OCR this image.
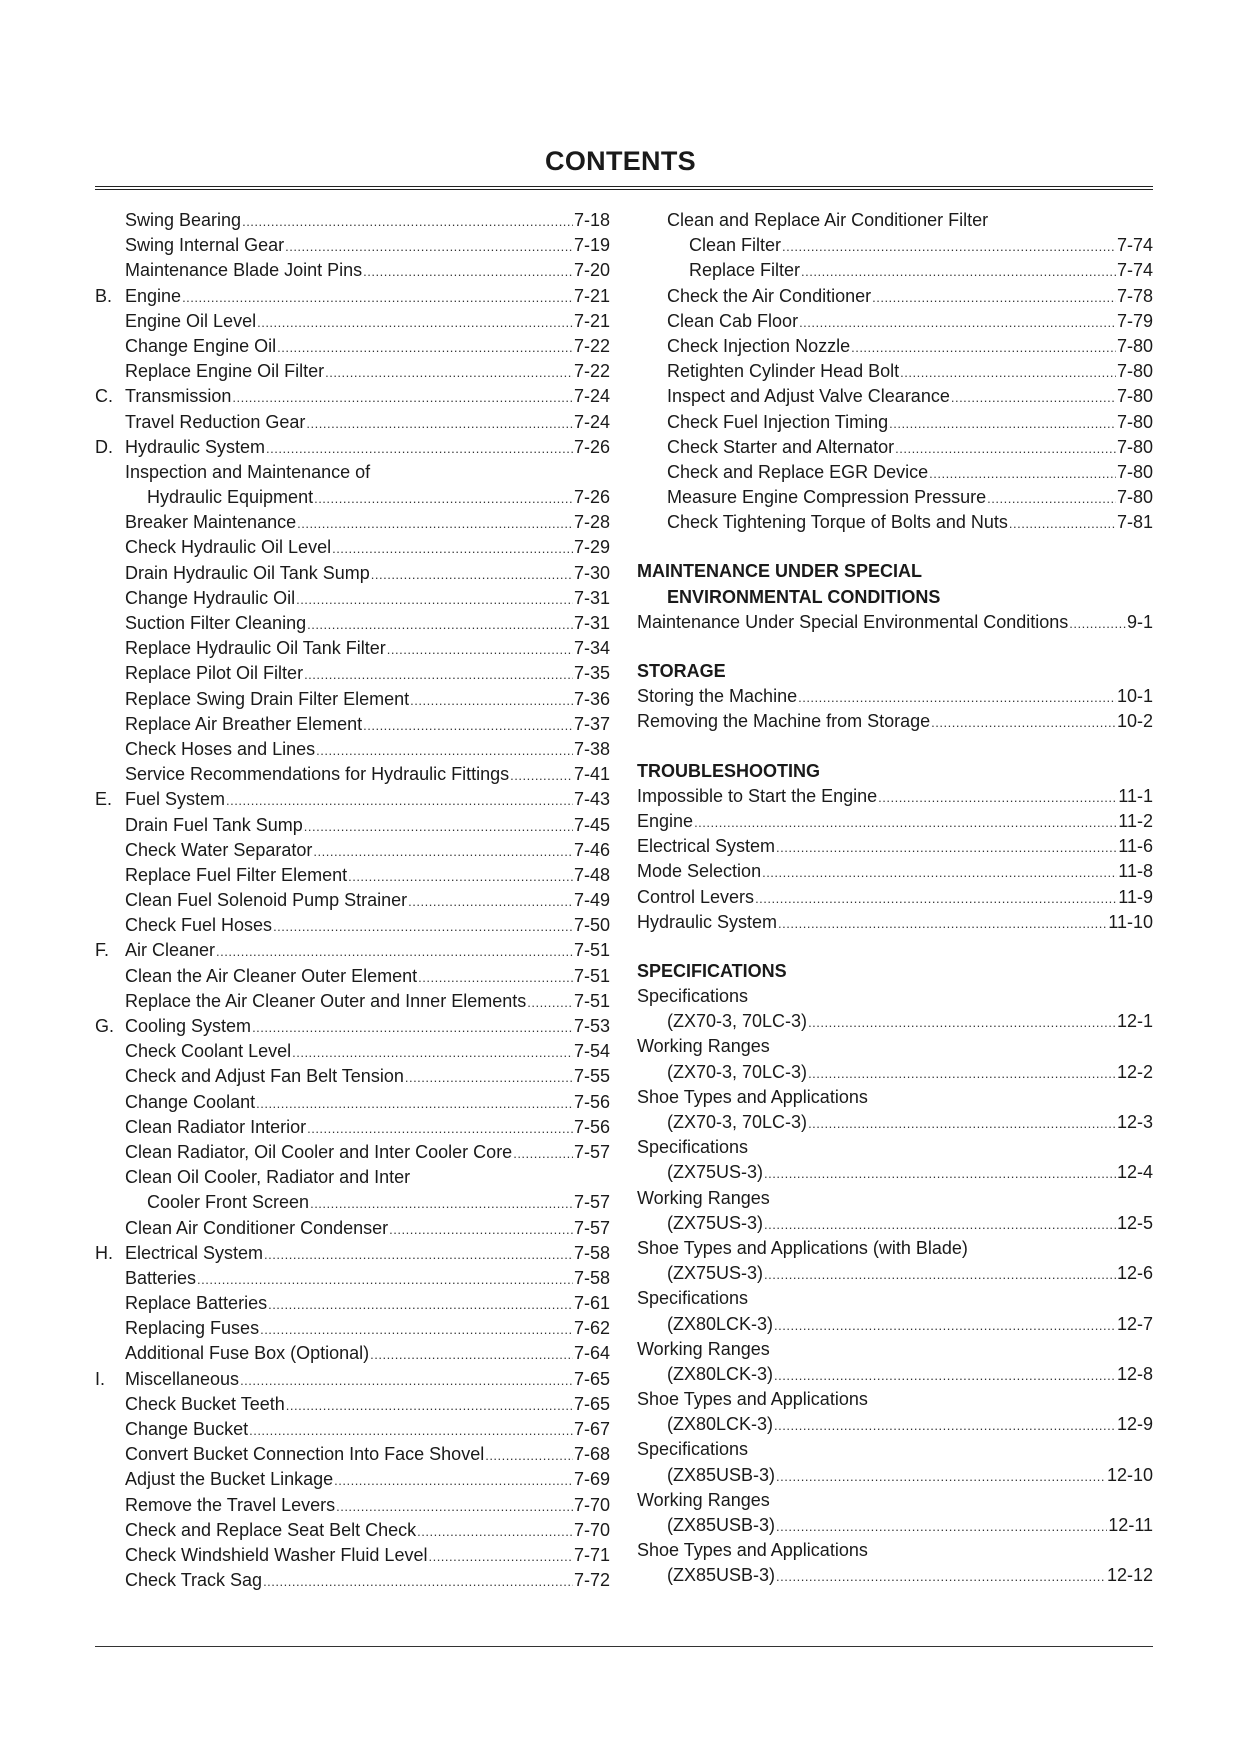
CONTENTS
Swing Bearing .....	7-18
Swing Internal Gear .....	7-19
Maintenance Blade Joint Pins .....	7-20
B. Engine .....	7-21
Engine Oil Level .....	7-21
Change Engine Oil .....	7-22
Replace Engine Oil Filter .....	7-22
C. Transmission .....	7-24
Travel Reduction Gear .....	7-24
D. Hydraulic System .....	7-26
Inspection and Maintenance of
Hydraulic Equipment .....	7-26
Breaker Maintenance .....	7-28
Check Hydraulic Oil Level .....	7-29
Drain Hydraulic Oil Tank Sump .....	7-30
Change Hydraulic Oil .....	7-31
Suction Filter Cleaning .....	7-31
Replace Hydraulic Oil Tank Filter .....	7-34
Replace Pilot Oil Filter .....	7-35
Replace Swing Drain Filter Element .....	7-36
Replace Air Breather Element .....	7-37
Check Hoses and Lines .....	7-38
Service Recommendations for Hydraulic Fittings .....	7-41
E. Fuel System .....	7-43
Drain Fuel Tank Sump .....	7-45
Check Water Separator .....	7-46
Replace Fuel Filter Element .....	7-48
Clean Fuel Solenoid Pump Strainer .....	7-49
Check Fuel Hoses .....	7-50
F. Air Cleaner .....	7-51
Clean the Air Cleaner Outer Element .....	7-51
Replace the Air Cleaner Outer and Inner Elements .....	7-51
G. Cooling System .....	7-53
Check Coolant Level .....	7-54
Check and Adjust Fan Belt Tension .....	7-55
Change Coolant .....	7-56
Clean Radiator Interior .....	7-56
Clean Radiator, Oil Cooler and Inter Cooler Core .....	7-57
Clean Oil Cooler, Radiator and Inter
Cooler Front Screen .....	7-57
Clean Air Conditioner Condenser .....	7-57
H. Electrical System .....	7-58
Batteries .....	7-58
Replace Batteries .....	7-61
Replacing Fuses .....	7-62
Additional Fuse Box (Optional) .....	7-64
I.	Miscellaneous .....	7-65
Check Bucket Teeth .....	7-65
Change Bucket .....	7-67
Convert Bucket Connection Into Face Shovel .....	7-68
Adjust the Bucket Linkage .....	7-69
Remove the Travel Levers .....	7-70
Check and Replace Seat Belt Check .....	7-70
Check Windshield Washer Fluid Level .....	7-71
Check Track Sag .....	7-72
Clean and Replace Air Conditioner Filter
Clean Filter .....	7-74
Replace Filter .....	7-74
Check the Air Conditioner .....	7-78
Clean Cab Floor .....	7-79
Check Injection Nozzle .....	7-80
Retighten Cylinder Head Bolt .....	7-80
Inspect and Adjust Valve Clearance .....	7-80
Check Fuel Injection Timing .....	7-80
Check Starter and Alternator .....	7-80
Check and Replace EGR Device .....	7-80
Measure Engine Compression Pressure .....	7-80
Check Tightening Torque of Bolts and Nuts .....	7-81
MAINTENANCE UNDER SPECIAL
ENVIRONMENTAL CONDITIONS
Maintenance Under Special Environmental Conditions .....	9-1
STORAGE
Storing the Machine .....	10-1
Removing the Machine from Storage .....	10-2
TROUBLESHOOTING
Impossible to Start the Engine .....	11-1
Engine .....	11-2
Electrical System .....	11-6
Mode Selection .....	11-8
Control Levers .....	11-9
Hydraulic System .....	11-10
SPECIFICATIONS
Specifications
(ZX70-3, 70LC-3) .....	12-1
Working Ranges
(ZX70-3, 70LC-3) .....	12-2
Shoe Types and Applications
(ZX70-3, 70LC-3) .....	12-3
Specifications
(ZX75US-3) .....	12-4
Working Ranges
(ZX75US-3) .....	12-5
Shoe Types and Applications (with Blade)
(ZX75US-3) .....	12-6
Specifications
(ZX80LCK-3) .....	12-7
Working Ranges
(ZX80LCK-3) .....	12-8
Shoe Types and Applications
(ZX80LCK-3) .....	12-9
Specifications
(ZX85USB-3) .....	12-10
Working Ranges
(ZX85USB-3) .....	12-11
Shoe Types and Applications
(ZX85USB-3) .....	12-12
